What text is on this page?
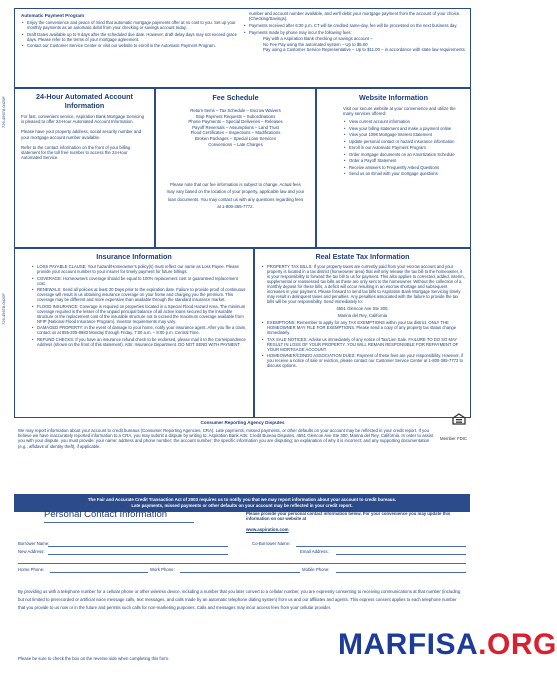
726-45678-0420F
726-45678-0420F
Automatic Payment Program
• Enjoy the convenience and peace of mind that automatic mortgage payments offer at no cost to you. Set up your monthly payments as an automatic debit from your checking or savings account today.
• Draft Dates available up to 9 days after the scheduled due date. However, draft delay days may not exceed grace days. Please refer to the terms of your mortgage agreement.
• Contact our Customer Service Center or visit our website to enroll in the Automatic Payment Program.
number and account number available, and we'll debit your mortgage payment from the account of your choice. (Checking/Savings).
• Payments received after 6:30 p.m. CT will be credited same-day, fee will be processed on the next business day.
• Payments made by phone may incur the following fees:
Pay with a Aspiration Bank checking or savings account –
No Fee Pay using the automated system – Up to $5.00
Pay using a Customer Service Representative – Up to $11.00 – in accordance with state law requirements
24-Hour Automated Account Information

For fast, convenient service, Aspiration Bank Mortgage Servicing is pleased to offer 24-Hour Automated Account Information.

Please have your property address, social security number and your mortgage account number available.

Refer to the contact information on the front of your billing statement for the toll free number to access the 24-Hour Automated Service.

Fee Schedule
Return Items – Tax Schedule – Escrow Waivers
Stop Payment Requests – Subordinations
Phone Payments – Special Deliveries – Releases
Payoff Reversals – Assumptions – Land Trust
Flood Certificates – Inspections – Modifications
Broken Packages – Special Loan Services
Conversions – Late Charges

Please note that our fee information is subject to change. Actual fees may vary based on the location of your property, applicable law and your loan documents. You may contact us with any questions regarding fees at 1-800-365-7772.

Website Information

Visit our secure website at your convenience and utilize the many services offered:

• View current account information
• View your billing statement and make a payment online
• View your 1098 Mortgage Interest Statement
• Update personal contact or hazard insurance information
• Enroll in our Automatic Payment Program
• Order mortgage documents on an Amortization Schedule
• Order a Payoff Statement
• Receive answers to Frequently Asked Questions
• Send us an Email with your mortgage questions
Insurance Information
• LOSS PAYABLE CLAUSE: Your hazard/Homeowner's policy(s) must reflect our name as Loss Payee. Please provide your account number to your insurer for timely payment for future billings.
• COVERAGE: Homeowners coverage should be equal to 100% replacement cost or guaranteed replacement cost.
• RENEWALS: Send all policies at least 30 Days prior to the expiration date. Failure to provide proof of continuous coverage will result in us obtaining insurance coverage on your home and charging you the premium. This coverage may be different and more expensive than available through the standard insurance market.
• FLOOD INSURANCE: Coverage is required on properties located in a Special Flood Hazard Area. The minimum coverage required is the lesser of the unpaid principal balance of all active loans secured by the insurable structure or the replacement cost of the insurable structure not to exceed the maximum coverage available from NFIP (National Flood Insurance Program). Investor requirements may vary.
• DAMAGED PROPERTY: In the event of damage to your home, notify your insurance agent. After you file a claim, contact us at 855-205-8883 Monday through Friday, 7:00 a.m. – 8:00 p.m. Central Time.
• REFUND CHECKS: If you have an insurance refund check to be endorsed, please mail it to the Correspondence Address (shown on the front of this statement). Attn: Insurance Department. DO NOT SEND WITH PAYMENT.
Real Estate Tax Information
• PROPERTY TAX BILLS: If your property taxes are currently paid from your escrow account and your property is located in a tax district (homeowner area) that will only release the tax bill to the homeowner, it is your responsibility to forward the tax bill to us for payment. This also applies to corrected, added, interim, supplemental or reassessed tax bills as these are only sent to the homeowner. Without the collection of a monthly deposit for these bills, a deficit will occur resulting in an escrow shortage and subsequent increases in your payment. Please forward to send tax bills to Aspiration Bank Mortgage Servicing timely may result in delinquent taxes and penalties. Any penalties associated with the failure to provide the tax bills will be your responsibility. Send immediately to:
4551 Glencoe Ave Ste 300,
Marina del Rey, California
• EXEMPTIONS: Remember to apply for any TAX EXEMPTIONS within your tax district. ONLY THE HOMEOWNER MAY FILE FOR EXEMPTIONS. Please send a copy of any property tax status change immediately.
• TAX SALE NOTICES: Advise us immediately of any notice of Tax/Lien Sale. FAILURE TO DO SO MAY RESULT IN LOSS OF YOUR PROPERTY. YOU WILL REMAIN RESPONSIBLE FOR REPAYMENT OF YOUR MORTGAGE ACCOUNT.
• HOMEOWNER/CONDO ASSOCIATION DUES: Payment of these fees are your responsibility. However, if you receive a notice of sale or eviction, please contact our Customer Service Center at 1-800-365-7772 to discuss options.
Consumer Reporting Agency Disputes

We may report information about your account to credit bureaus (Consumer Reporting Agencies, CRA). Late payments, missed payments, or other defaults on your account may be reflected in your credit report. If you believe we have inaccurately reported information to a CRA, you may submit a dispute by writing to: Aspiration Bank Attn: Credit Bureau Disputes, 4551 Glencoe Ave Ste 300, Marina del Rey, California. In order to assist you with your dispute, you must provide: your name; address and phone number; the account number; the specific information you are disputing; an explanation of why it is incorrect; and any supporting documentation (e.g., affidavit of identity theft), if applicable.

Member FDIC
The Fair and Accurate Credit Transaction Act of 2003 requires us to notify you that we may report information about your account to credit bureaus.
Late payments, missed payments or other defaults on your account may be reflected in your credit report.
Personal Contact Information	Please provide your personal contact information below. For your convenience you may update this information on our website at
www.aspiration.com
Borrower Name:	Co-Borrower Name:
New Address:	Email Address:
Home Phone:	Work Phone:	Mobile Phone:

By providing us with a telephone number for a cellular phone or other wireless device, including a number that you later convert to a cellular number, you are expressly consenting to receiving communications at that number (including but not limited to prerecorded or artificial voice message calls, text messages, and calls made by an automatic telephone dialing system) from us and our affiliates and agents. This express consent applies to each telephone number that you provide to us now or in the future and permits such calls for non-marketing purposes. Calls and messages may incur access fees from your cellular provider.

Please be sure to check the box on the reverse side when completing this form.	MARFISA.ORG
